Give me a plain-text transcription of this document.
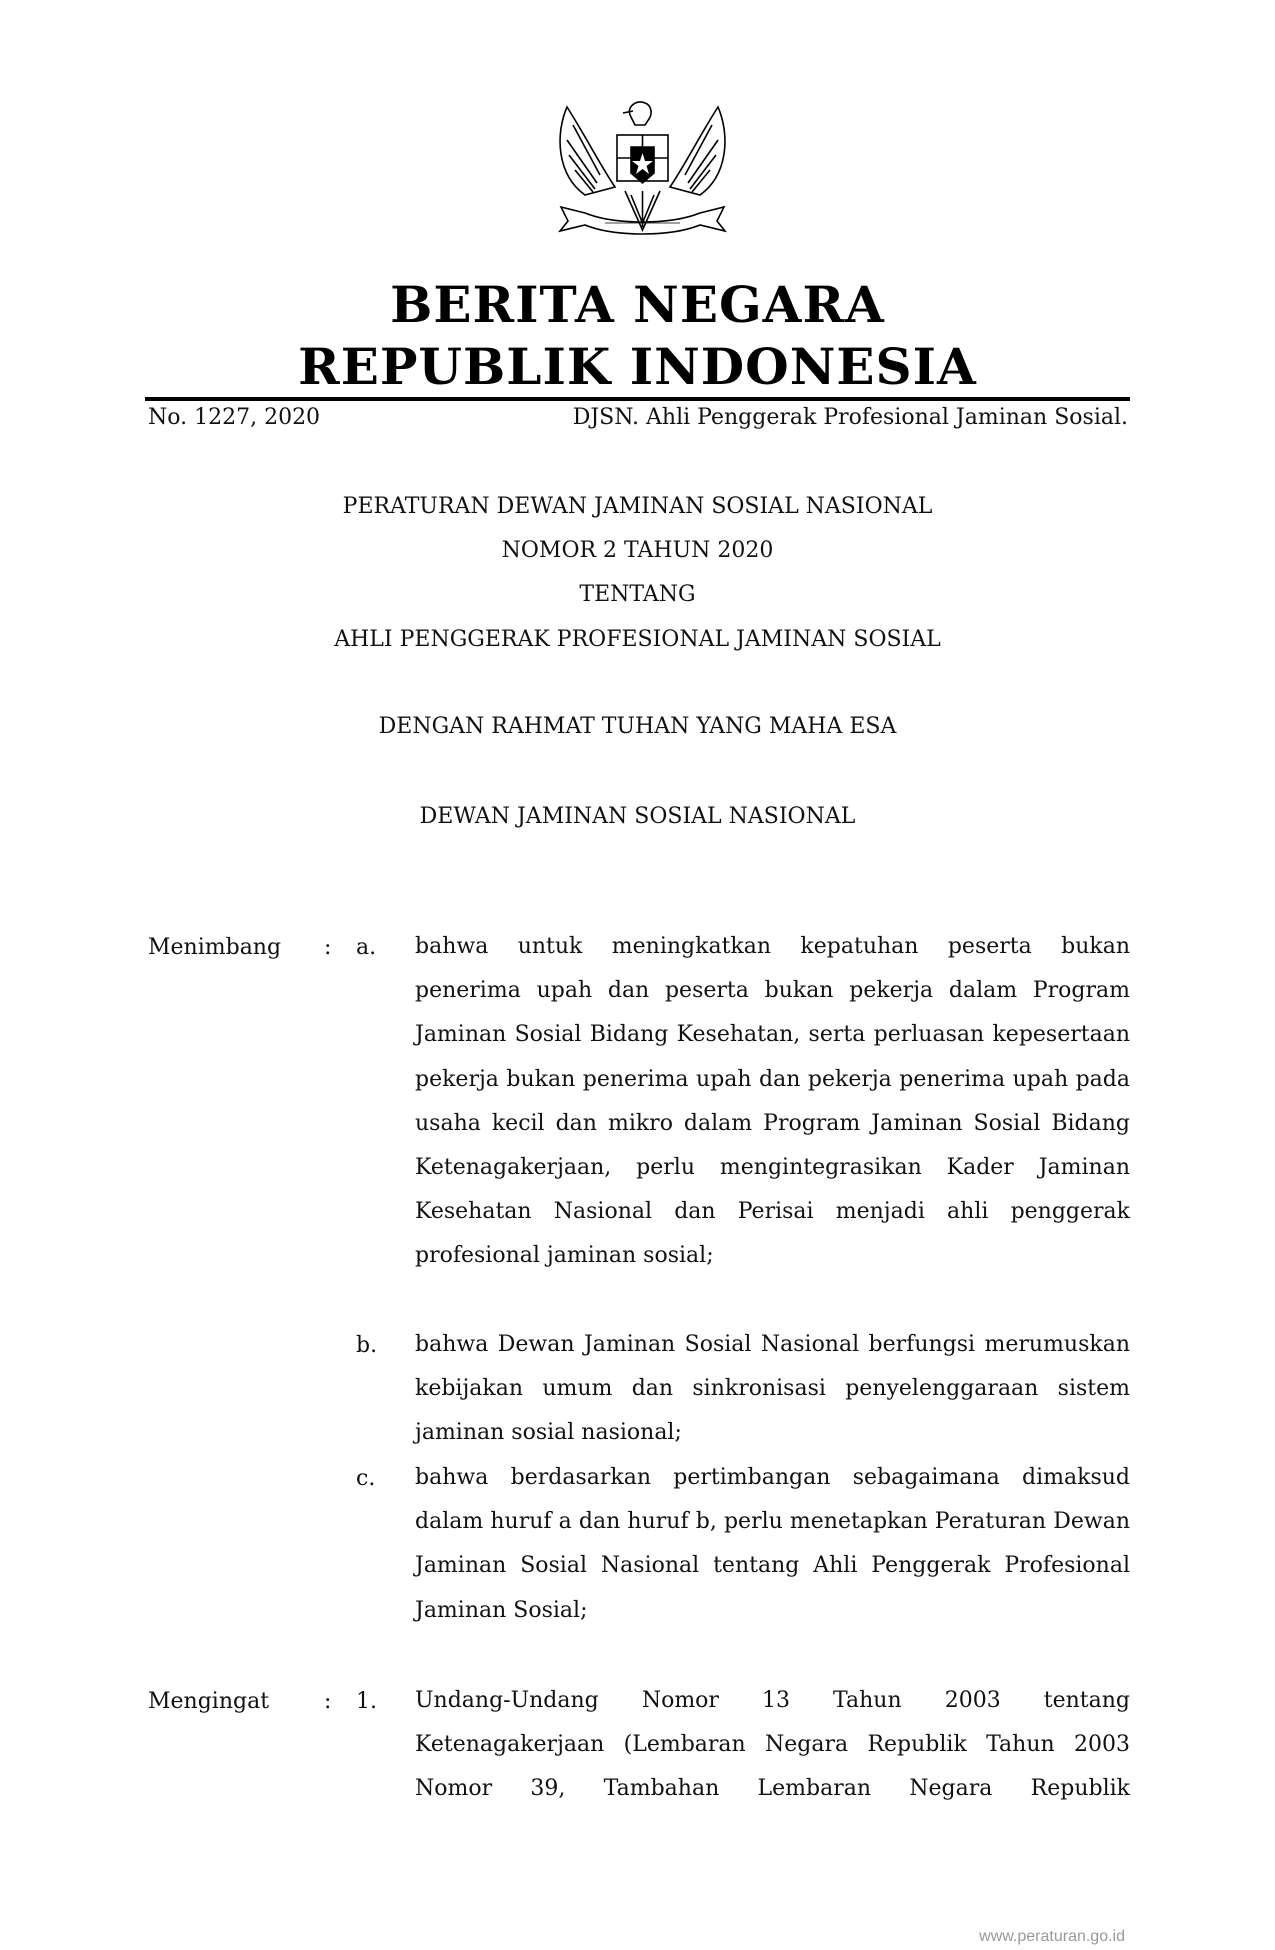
BERITA NEGARA
REPUBLIK INDONESIA
No. 1227, 2020	DJSN. Ahli Penggerak Profesional Jaminan Sosial.
PERATURAN DEWAN JAMINAN SOSIAL NASIONAL
NOMOR 2 TAHUN 2020
TENTANG
AHLI PENGGERAK PROFESIONAL JAMINAN SOSIAL
DENGAN RAHMAT TUHAN YANG MAHA ESA
DEWAN JAMINAN SOSIAL NASIONAL
Menimbang	: a. bahwa untuk meningkatkan kepatuhan peserta bukan penerima upah dan peserta bukan pekerja dalam Program Jaminan Sosial Bidang Kesehatan, serta perluasan kepesertaan pekerja bukan penerima upah dan pekerja penerima upah pada usaha kecil dan mikro dalam Program Jaminan Sosial Bidang Ketenagakerjaan, perlu mengintegrasikan Kader Jaminan Kesehatan Nasional dan Perisai menjadi ahli penggerak profesional jaminan sosial;
b. bahwa Dewan Jaminan Sosial Nasional berfungsi merumuskan kebijakan umum dan sinkronisasi penyelenggaraan sistem jaminan sosial nasional;
c. bahwa berdasarkan pertimbangan sebagaimana dimaksud dalam huruf a dan huruf b, perlu menetapkan Peraturan Dewan Jaminan Sosial Nasional tentang Ahli Penggerak Profesional Jaminan Sosial;
Mengingat	: 1. Undang-Undang Nomor 13 Tahun 2003 tentang Ketenagakerjaan (Lembaran Negara Republik Tahun 2003 Nomor 39, Tambahan Lembaran Negara Republik
www.peraturan.go.id
